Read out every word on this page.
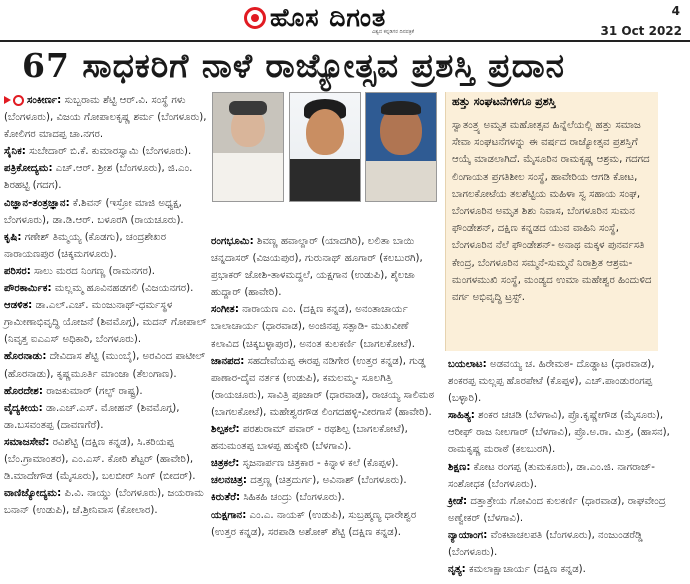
ಹೊಸ ದಿಗಂತ
ವಿಶ್ವದ ಕನ್ನಡಿಗರ ದಿನಪತ್ರಿಕೆ
4
31 Oct 2022
67 ಸಾಧಕರಿಗೆ ನಾಳೆ ರಾಜ್ಯೋತ್ಸವ ಪ್ರಶಸ್ತಿ ಪ್ರದಾನ

ಸಂಕೀರ್ಣ: ಸುಬ್ಬರಾಮ ಶೆಟ್ಟಿ ಆರ್.ವಿ. ಸಂಸ್ಥೆ ಗಳು (ಬೆಂಗಳೂರು), ವಿಜಯ ಗೋಪಾಲಕೃಷ್ಣ ಶರ್ಮ (ಬೆಂಗಳೂರು), ಕೋಲಿಗರ ಮಾದಪ್ಪ ಚಾ.ನಗರ.

ಸೈನಿಕ: ಸುಬೇದಾರ್ ಬಿ.ಕೆ. ಕುಮಾರಸ್ವಾಮಿ (ಬೆಂಗಳೂರು).

ಪತ್ರಿಕೋದ್ಯಮ: ಎಚ್.ಆರ್. ಶ್ರೀಶ (ಬೆಂಗಳೂರು), ಜಿ.ಎಂ. ಶಿರಹಟ್ಟಿ (ಗದಗ).

ವಿಜ್ಞಾನ-ತಂತ್ರಜ್ಞಾನ: ಕೆ.ಶಿವನ್ (ಇಸ್ರೋ ಮಾಜಿ ಅಧ್ಯಕ್ಷ, ಬೆಂಗಳೂರು), ಡಾ.ಡಿ.ಆರ್. ಬಳೂರಗಿ (ರಾಯಚೂರು).

ಕೃಷಿ: ಗಣೇಶ್ ತಿಮ್ಮಯ್ಯ (ಕೊಡಗು), ಚಂದ್ರಶೇಖರ ನಾರಾಯಣಪುರ (ಚಿಕ್ಕಮಗಳೂರು).

ಪರಿಸರ: ಸಾಲು ಮರದ ನಿಂಗಣ್ಣ (ರಾಮನಗರ).

ಪೌರಕಾರ್ಮಿಕ: ಮಲ್ಲಮ್ಮ ಹೂವಿನಹಡಗಲಿ (ವಿಜಯನಗರ).

ಆಡಳಿತ: ಡಾ.ಎಲ್.ಎಚ್. ಮಂಜುನಾಥ್-ಧರ್ಮಸ್ಥಳ ಗ್ರಾಮೀಣಾಭಿವೃದ್ಧಿ ಯೋಜನೆ (ಶಿವಮೊಗ್ಗ), ಮದನ್ ಗೋಪಾಲ್ (ನಿವೃತ್ತ ಐಎಎಸ್ ಅಧಿಕಾರಿ, ಬೆಂಗಳೂರು).

ಹೊರನಾಡು: ದೇವಿದಾಸ ಶೆಟ್ಟಿ (ಮುಂಬೈ), ಅರವಿಂದ ಪಾಟೀಲ್ (ಹೊರನಾಡು), ಕೃಷ್ಣಮೂರ್ತಿ ಮಾಂಜಾ (ತೆಲಂಗಾಣ).

ಹೊರದೇಶ: ರಾಜಕುಮಾರ್ (ಗಲ್ಫ್ ರಾಷ್ಟ್ರ).

ವೈದ್ಯಕೀಯ: ಡಾ.ಎಚ್.ಎಸ್. ಮೋಹನ್ (ಶಿವಮೊಗ್ಗ), ಡಾ.ಬಸವಂತಪ್ಪ (ದಾವಣಗೆರೆ).

ಸಮಾಜಸೇವೆ: ರವಿಶೆಟ್ಟಿ (ದಕ್ಷಿಣ ಕನ್ನಡ), ಸಿ.ಕರಿಯಪ್ಪ (ಬೆಂ.ಗ್ರಾಮಾಂತರ), ಎಂ.ಎಸ್. ಕೋರಿ ಶೆಟ್ಟರ್ (ಹಾವೇರಿ), ಡಿ.ಮಾದೇಗೌಡ (ಮೈಸೂರು), ಬಲಬೀರ್ ಸಿಂಗ್ (ಬೀದರ್).

ವಾಣಿಜ್ಯೋದ್ಯಮ: ಪಿ.ವಿ. ನಾಯ್ಡು (ಬೆಂಗಳೂರು), ಜಯರಾಮ ಬನಾನ್ (ಉಡುಪಿ), ಜೆ.ಶ್ರೀನಿವಾಸ (ಕೋಲಾರ).

ರಂಗಭೂಮಿ: ಶಿವಣ್ಣ ಹವಾಲ್ದಾರ್ (ಯಾದಗಿರಿ), ಲಲಿತಾ ಬಾಯಿ ಚನ್ನದಾಸರ್ (ವಿಜಯಪುರ), ಗುರುನಾಥ್ ಹೂಗಾರ್ (ಕಲಬುರಗಿ), ಪ್ರಭಾಕರ್ ಜೋಶಿ-ತಾಳಮದ್ದಲೆ, ಯಕ್ಷಗಾನ (ಉಡುಪಿ), ಶೈಲಜಾ ಹುದ್ದಾರ್ (ಹಾವೇರಿ).

ಸಂಗೀತ: ನಾರಾಯಣ ಎಂ. (ದಕ್ಷಿಣ ಕನ್ನಡ), ಅನಂತಾಚಾರ್ಯ ಬಾಲಾಚಾರ್ಯ (ಧಾರವಾಡ), ಅಂಜಿನಪ್ಪ ಸತ್ಪಾಡಿ- ಮುಖವೀಣೆ ಕಲಾವಿದ (ಚಿಕ್ಕಬಳ್ಳಾಪುರ), ಅನಂತ ಕುಲಕರ್ಣಿ (ಬಾಗಲಕೋಟೆ).

ಜಾನಪದ: ಸಹದೇವೆಯಪ್ಪ ಈರಪ್ಪ ನಡಿಗೇರ (ಉತ್ತರ ಕನ್ನಡ), ಗುಡ್ಡ ಪಾಣಾರ-ದೈವ ನರ್ತಕ (ಉಡುಪಿ), ಕಮಲಮ್ಮ- ಸೂಲಗಿತ್ತಿ (ರಾಯಚೂರು), ಸಾವಿತ್ರಿ ಪೂಜಾರ್ (ಧಾರವಾಡ), ರಾಚಯ್ಯ ಸಾಲಿಮಠ (ಬಾಗಲಕೋಟೆ), ಮಹೇಶ್ವರಗೌಡ ಲಿಂಗದಹಳ್ಳಿ-ವೀರಗಾಸೆ (ಹಾವೇರಿ).

ಶಿಲ್ಪಕಲೆ: ಪರಶುರಾಮ್ ಪವಾರ್ - ರಥಶಿಲ್ಪ (ಬಾಗಲಕೋಟೆ), ಹನುಮಂತಪ್ಪ ಬಾಳಪ್ಪ ಹುಕ್ಕೇರಿ (ಬೆಳಗಾವಿ).

ಚಿತ್ರಕಲೆ: ಸೃಜನಾರ್ಪಣ ಚಿತ್ರಕಾರ - ಕಿನ್ನಾಳ ಕಲೆ (ಕೊಪ್ಪಳ).

ಚಲನಚಿತ್ರ: ದತ್ತಣ್ಣ (ಚಿತ್ರದುರ್ಗ), ಅವಿನಾಶ್ (ಬೆಂಗಳೂರು).

ಕಿರುತೆರೆ: ಸಿಹಿಕಹಿ ಚಂದ್ರು (ಬೆಂಗಳೂರು).

ಯಕ್ಷಗಾನ: ಎಂ.ಎ. ನಾಯಕ್ (ಉಡುಪಿ), ಸುಬ್ರಹ್ಮಣ್ಯ ಧಾರೇಶ್ವರ (ಉತ್ತರ ಕನ್ನಡ), ಸರಪಾಡಿ ಅಶೋಕ್ ಶೆಟ್ಟಿ (ದಕ್ಷಿಣ ಕನ್ನಡ).

ಹತ್ತು ಸಂಘಟನೆಗಳಿಗೂ ಪ್ರಶಸ್ತಿ
ಸ್ವಾತಂತ್ರ್ಯ ಅಮೃತ ಮಹೋತ್ಸವ ಹಿನ್ನೆಲೆಯಲ್ಲಿ ಹತ್ತು ಸಮಾಜ ಸೇವಾ ಸಂಘಟನೆಗಳನ್ನು ಈ ವರ್ಷದ ರಾಜ್ಯೋತ್ಸವ ಪ್ರಶಸ್ತಿಗೆ ಆಯ್ಕೆ ಮಾಡಲಾಗಿದೆ. ಮೈಸೂರಿನ ರಾಮಕೃಷ್ಣ ಆಶ್ರಮ, ಗದಗದ ಲಿಂಗಾಯತ ಪ್ರಗತಿಶೀಲ ಸಂಸ್ಥೆ, ಹಾವೇರಿಯ ಆಗಡಿ ಕೋಟ, ಬಾಗಲಕೋಟೆಯ ತಲಶೆಟ್ಟಿಯ ಮಹಿಳಾ ಸ್ವ ಸಹಾಯ ಸಂಘ, ಬೆಂಗಳೂರಿನ ಅಮೃತ ಶಿಶು ನಿವಾಸ, ಬೆಂಗಳೂರಿನ ಸುಮನ ಫೌಂಡೇಶನ್, ದಕ್ಷಿಣ ಕನ್ನಡದ ಯುವ ವಾಹಿನಿ ಸಂಸ್ಥೆ, ಬೆಂಗಳೂರಿನ ನೆಲೆ ಫೌಂಡೇಶನ್- ಅನಾಥ ಮಕ್ಕಳ ಪುನರ್ವಸತಿ ಕೇಂದ್ರ, ಬೆಂಗಳೂರಿನ ಸಮ್ಮನೆ-ಸುಮ್ಮನೆ ನಿರಾಶ್ರಿತ ಆಶ್ರಮ- ಮಂಗಳಮುಖಿ ಸಂಸ್ಥೆ, ಮಂಡ್ಯದ ಉಮಾ ಮಹೇಶ್ವರ ಹಿಂದುಳಿದ ವರ್ಗ ಅಭಿವೃದ್ಧಿ ಟ್ರಸ್ಟ್.

ಬಯಲಾಟ: ಅಡವಯ್ಯ ಚ. ಹಿರೇಮಠ- ದೊಡ್ಡಾಟ (ಧಾರವಾಡ), ಶಂಕರಪ್ಪ ಮಲ್ಲಪ್ಪ ಹೊರಪೇಟೆ (ಕೊಪ್ಪಳ), ಎಚ್.ಪಾಂಡುರಂಗಪ್ಪ (ಬಳ್ಳಾರಿ).

ಸಾಹಿತ್ಯ: ಶಂಕರ ಚಚಡಿ (ಬೆಳಗಾವಿ), ಪ್ರೊ.ಕೃಷ್ಣೇಗೌಡ (ಮೈಸೂರು), ಆರೀಫ್ ರಾಜ ನೀಲಗಾರ್ (ಬೆಳಗಾವಿ), ಪ್ರೊ.ಅ.ರಾ. ಮಿತ್ರ, (ಹಾಸನ), ರಾಮಕೃಷ್ಣ ಮರಾಠೆ (ಕಲಬುರಗಿ).

ಶಿಕ್ಷಣ: ಕೋಟ ರಂಗಪ್ಪ (ತುಮಕೂರು), ಡಾ.ಎಂ.ಜಿ. ನಾಗರಾಜ್- ಸಂಶೋಧಕ (ಬೆಂಗಳೂರು).

ಕ್ರೀಡೆ: ದತ್ತಾತ್ರೇಯ ಗೋವಿಂದ ಕುಲಕರ್ಣಿ (ಧಾರವಾಡ), ರಾಘವೇಂದ್ರ ಅಣ್ವೇಕರ್ (ಬೆಳಗಾವಿ).

ನ್ಯಾಯಾಂಗ: ವೆಂಕಟಾಚಲಪತಿ (ಬೆಂಗಳೂರು), ನಂಜುಂಡರೆಡ್ಡಿ (ಬೆಂಗಳೂರು).

ನೃತ್ಯ: ಕಮಲಾಕ್ಷಾಚಾರ್ಯ (ದಕ್ಷಿಣ ಕನ್ನಡ).
